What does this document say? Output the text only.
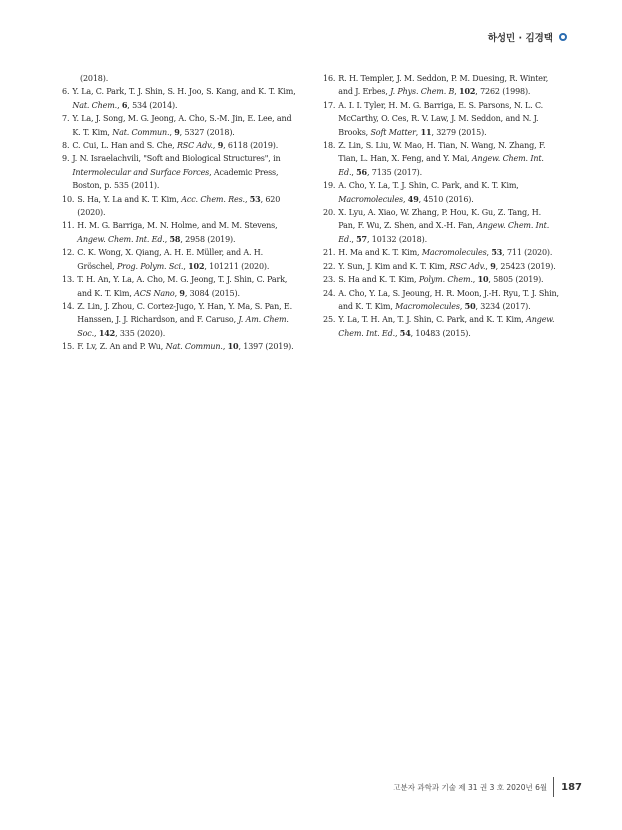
하성민 · 김경택
(2018).
6. Y. La, C. Park, T. J. Shin, S. H. Joo, S. Kang, and K. T. Kim, Nat. Chem., 6, 534 (2014).
7. Y. La, J. Song, M. G. Jeong, A. Cho, S.-M. Jin, E. Lee, and K. T. Kim, Nat. Commun., 9, 5327 (2018).
8. C. Cui, L. Han and S. Che, RSC Adv., 9, 6118 (2019).
9. J. N. Israelachvili, "Soft and Biological Structures", in Intermolecular and Surface Forces, Academic Press, Boston, p. 535 (2011).
10. S. Ha, Y. La and K. T. Kim, Acc. Chem. Res., 53, 620 (2020).
11. H. M. G. Barriga, M. N. Holme, and M. M. Stevens, Angew. Chem. Int. Ed., 58, 2958 (2019).
12. C. K. Wong, X. Qiang, A. H. E. Müller, and A. H. Gröschel, Prog. Polym. Sci., 102, 101211 (2020).
13. T. H. An, Y. La, A. Cho, M. G. Jeong, T. J. Shin, C. Park, and K. T. Kim, ACS Nano, 9, 3084 (2015).
14. Z. Lin, J. Zhou, C. Cortez-Jugo, Y. Han, Y. Ma, S. Pan, E. Hanssen, J. J. Richardson, and F. Caruso, J. Am. Chem. Soc., 142, 335 (2020).
15. F. Lv, Z. An and P. Wu, Nat. Commun., 10, 1397 (2019).
16. R. H. Templer, J. M. Seddon, P. M. Duesing, R. Winter, and J. Erbes, J. Phys. Chem. B, 102, 7262 (1998).
17. A. I. I. Tyler, H. M. G. Barriga, E. S. Parsons, N. L. C. McCarthy, O. Ces, R. V. Law, J. M. Seddon, and N. J. Brooks, Soft Matter, 11, 3279 (2015).
18. Z. Lin, S. Liu, W. Mao, H. Tian, N. Wang, N. Zhang, F. Tian, L. Han, X. Feng, and Y. Mai, Angew. Chem. Int. Ed., 56, 7135 (2017).
19. A. Cho, Y. La, T. J. Shin, C. Park, and K. T. Kim, Macromolecules, 49, 4510 (2016).
20. X. Lyu, A. Xiao, W. Zhang, P. Hou, K. Gu, Z. Tang, H. Pan, F. Wu, Z. Shen, and X.-H. Fan, Angew. Chem. Int. Ed., 57, 10132 (2018).
21. H. Ma and K. T. Kim, Macromolecules, 53, 711 (2020).
22. Y. Sun, J. Kim and K. T. Kim, RSC Adv., 9, 25423 (2019).
23. S. Ha and K. T. Kim, Polym. Chem., 10, 5805 (2019).
24. A. Cho, Y. La, S. Jeoung, H. R. Moon, J.-H. Ryu, T. J. Shin, and K. T. Kim, Macromolecules, 50, 3234 (2017).
25. Y. La, T. H. An, T. J. Shin, C. Park, and K. T. Kim, Angew. Chem. Int. Ed., 54, 10483 (2015).
고분자 과학과 기술 제 31 권 3 호 2020년 6월	187
